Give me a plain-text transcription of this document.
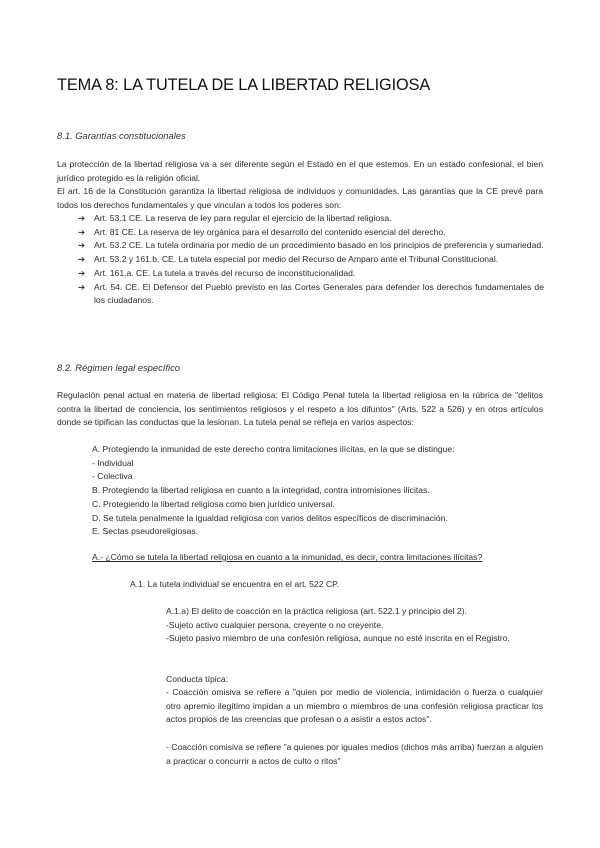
TEMA 8: LA TUTELA DE LA LIBERTAD RELIGIOSA

8.1. Garantías constitucionales

La protección de la libertad religiosa va a ser diferente según el Estado en el que estemos. En un estado confesional, el bien jurídico protegido es la religión oficial.

El art. 16 de la Constitución garantiza la libertad religiosa de individuos y comunidades. Las garantías que la CE prevé para todos los derechos fundamentales y que vinculan a todos los poderes son:

➔ Art. 53.1 CE. La reserva de ley para regular el ejercicio de la libertad religiosa.
➔ Art. 81 CE. La reserva de ley orgánica para el desarrollo del contenido esencial del derecho.
➔ Art. 53.2 CE. La tutela ordinaria por medio de un procedimiento basado en los principios de preferencia y sumariedad.
➔ Art. 53.2 y 161.b. CE. La tutela especial por medio del Recurso de Amparo ante el Tribunal Constitucional.
➔ Art. 161.a. CE. La tutela a través del recurso de inconstitucionalidad.
➔ Art. 54. CE. El Defensor del Pueblo previsto en las Cortes Generales para defender los derechos fundamentales de los ciudadanos.

8.2. Régimen legal específico

Regulación penal actual en materia de libertad religiosa: El Código Penal tutela la libertad religiosa en la rúbrica de "delitos contra la libertad de conciencia, los sentimientos religiosos y el respeto a los difuntos" (Arts. 522 a 526) y en otros artículos donde se tipifican las conductas que la lesionan. La tutela penal se refleja en varios aspectos:

A. Protegiendo la inmunidad de este derecho contra limitaciones ilícitas, en la que se distingue:
- Individual
- Colectiva
B. Protegiendo la libertad religiosa en cuanto a la integridad, contra intromisiones ilícitas.
C. Protegiendo la libertad religiosa como bien jurídico universal.
D. Se tutela penalmente la igualdad religiosa con varios delitos específicos de discriminación.
E. Sectas pseudoreligiosas.

A.- ¿Cómo se tutela la libertad religiosa en cuanto a la inmunidad, es decir, contra limitaciones ilícitas?

A.1. La tutela individual se encuentra en el art. 522 CP.

A.1.a) El delito de coacción en la práctica religiosa (art. 522.1 y principio del 2).

-Sujeto activo cualquier persona, creyente o no creyente.

-Sujeto pasivo miembro de una confesión religiosa, aunque no esté inscrita en el Registro.

Conducta típica:

- Coacción omisiva se refiere a "quien por medio de violencia, intimidación o fuerza o cualquier otro apremio ilegítimo impidan a un miembro o miembros de una confesión religiosa practicar los actos propios de las creencias que profesan o a asistir a estos actos".

- Coacción comisiva se refiere "a quienes por iguales medios (dichos más arriba) fuerzan a alguien a practicar o concurrir a actos de culto o ritos"
